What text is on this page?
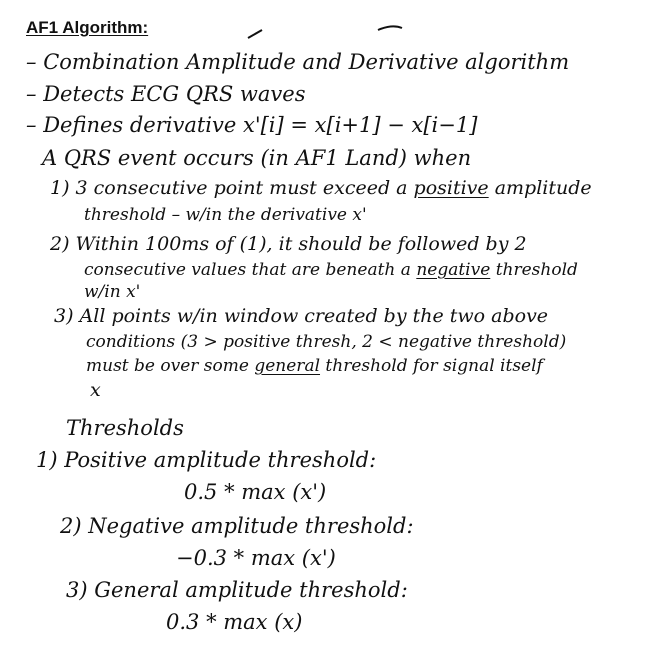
AF1 Algorithm:
– Combination Amplitude and Derivative algorithm
– Detects ECG QRS waves
– Defines derivative x'[i] = x[i+1] − x[i−1]
A QRS event occurs (in AF1 Land) when
1) 3 consecutive point must exceed a positive amplitude
threshold – w/in the derivative x'
2) Within 100ms of (1), it should be followed by 2
consecutive values that are beneath a negative threshold
w/in x'
3) All points w/in window created by the two above
conditions (3 > positive thresh, 2 < negative threshold)
must be over some general threshold for signal itself
x
Thresholds
1) Positive amplitude threshold:
0.5 * max (x')
2) Negative amplitude threshold:
−0.3 * max (x')
3) General amplitude threshold:
0.3 * max (x)
